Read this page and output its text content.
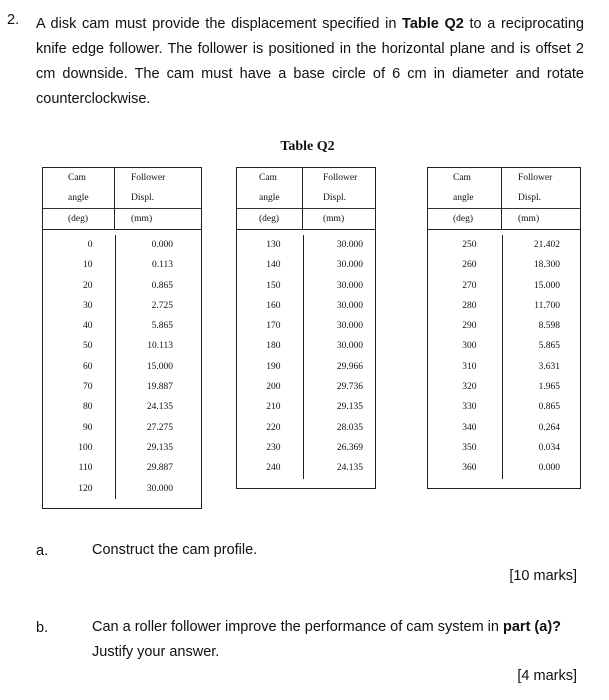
2. A disk cam must provide the displacement specified in Table Q2 to a reciprocating knife edge follower. The follower is positioned in the horizontal plane and is offset 2 cm downside. The cam must have a base circle of 6 cm in diameter and rotate counterclockwise.
Table Q2
Cam
angle
(deg)
Follower
Displ.
(mm)
0
10
20
30
40
50
60
70
80
90
100
110
120
0.000
0.113
0.865
2.725
5.865
10.113
15.000
19.887
24.135
27.275
29.135
29.887
30.000
Cam
angle
(deg)
Follower
Displ.
(mm)
130
140
150
160
170
180
190
200
210
220
230
240
30.000
30.000
30.000
30.000
30.000
30.000
29.966
29.736
29.135
28.035
26.369
24.135
Cam
angle
(deg)
Follower
Displ.
(mm)
250
260
270
280
290
300
310
320
330
340
350
360
21.402
18.300
15.000
11.700
8.598
5.865
3.631
1.965
0.865
0.264
0.034
0.000
a.	Construct the cam profile.
[10 marks]
b.	Can a roller follower improve the performance of cam system in part (a)? Justify your answer.
[4 marks]
